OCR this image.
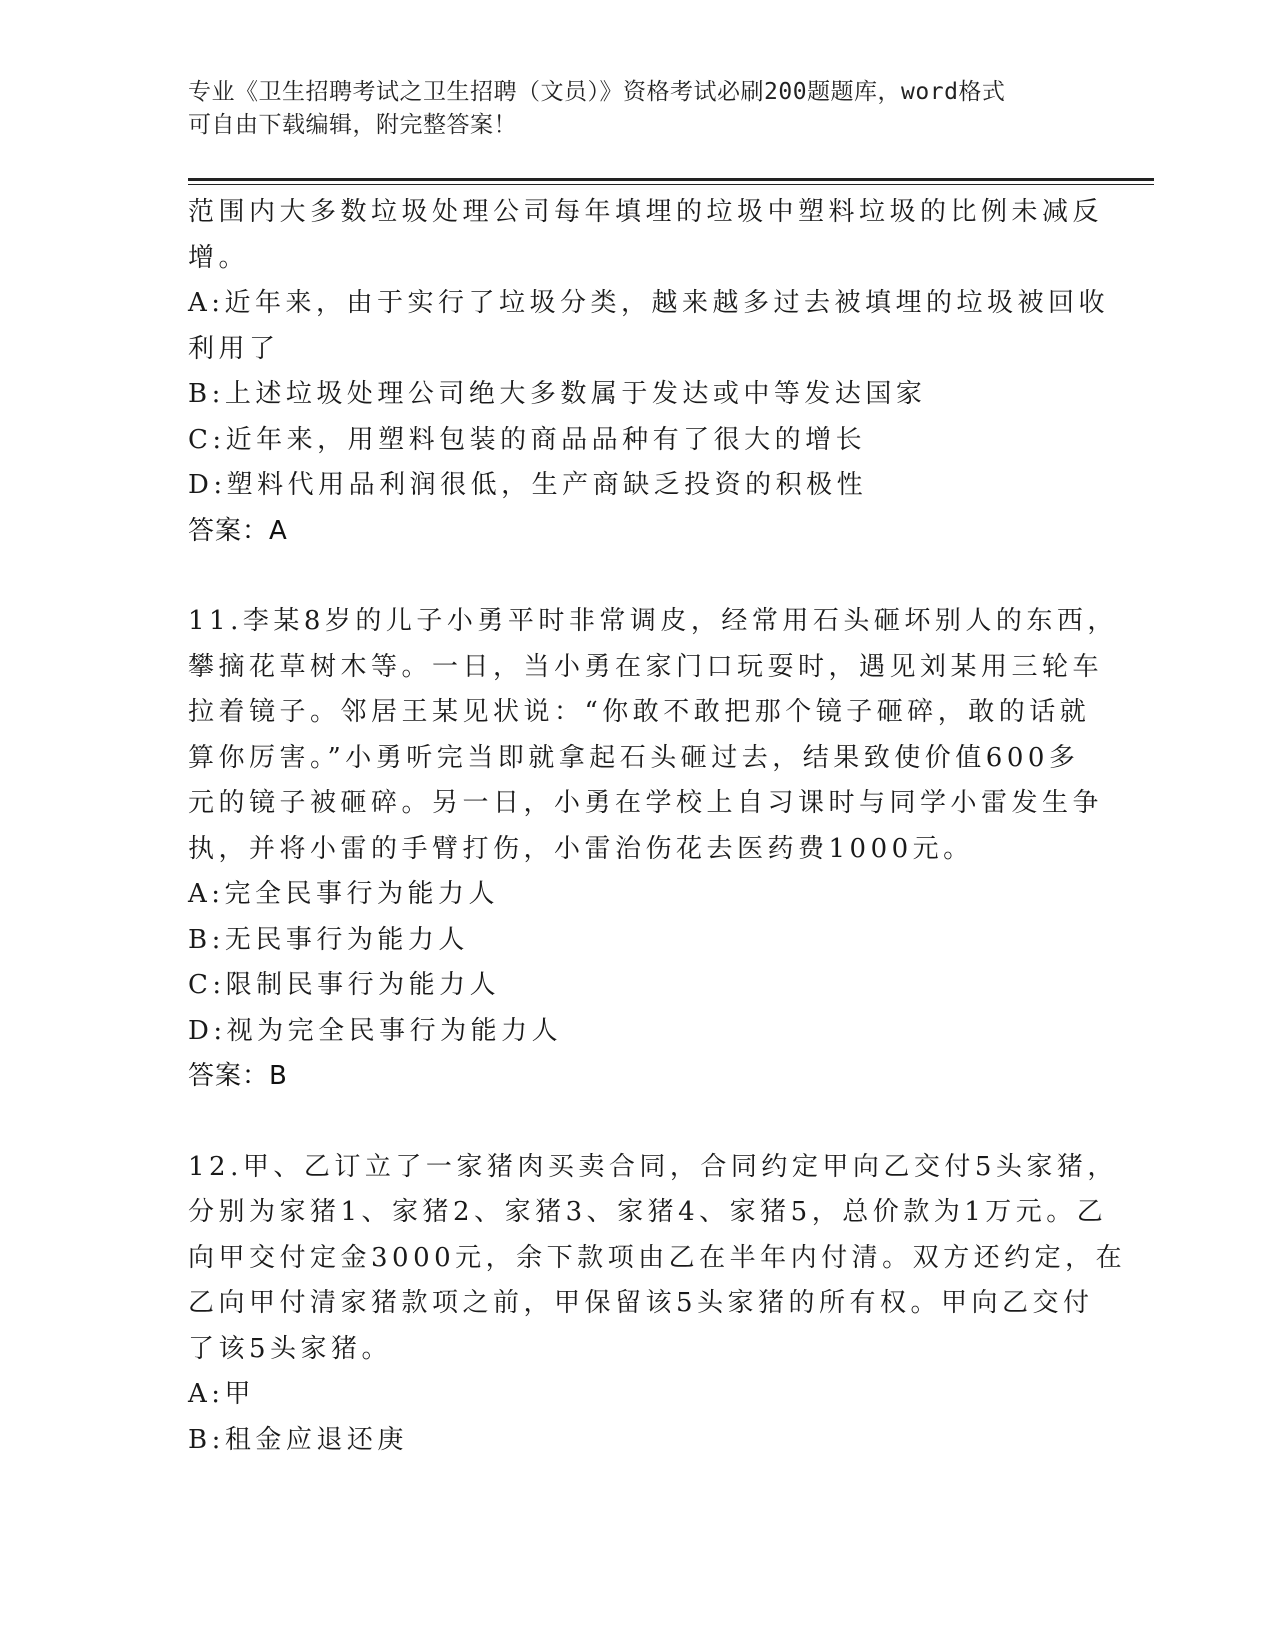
专业《卫生招聘考试之卫生招聘（文员）》资格考试必刷200题题库，word格式
可自由下载编辑，附完整答案！
范围内大多数垃圾处理公司每年填埋的垃圾中塑料垃圾的比例未减反
增。
A:近年来，由于实行了垃圾分类，越来越多过去被填埋的垃圾被回收
利用了
B:上述垃圾处理公司绝大多数属于发达或中等发达国家
C:近年来，用塑料包装的商品品种有了很大的增长
D:塑料代用品利润很低，生产商缺乏投资的积极性
答案：A
11.李某8岁的儿子小勇平时非常调皮，经常用石头砸坏别人的东西，
攀摘花草树木等。一日，当小勇在家门口玩耍时，遇见刘某用三轮车
拉着镜子。邻居王某见状说：“你敢不敢把那个镜子砸碎，敢的话就
算你厉害。”小勇听完当即就拿起石头砸过去，结果致使价值600多
元的镜子被砸碎。另一日，小勇在学校上自习课时与同学小雷发生争
执，并将小雷的手臂打伤，小雷治伤花去医药费1000元。
A:完全民事行为能力人
B:无民事行为能力人
C:限制民事行为能力人
D:视为完全民事行为能力人
答案：B
12.甲、乙订立了一家猪肉买卖合同，合同约定甲向乙交付5头家猪，
分别为家猪1、家猪2、家猪3、家猪4、家猪5，总价款为1万元。乙
向甲交付定金3000元，余下款项由乙在半年内付清。双方还约定，在
乙向甲付清家猪款项之前，甲保留该5头家猪的所有权。甲向乙交付
了该5头家猪。
A:甲
B:租金应退还庚
